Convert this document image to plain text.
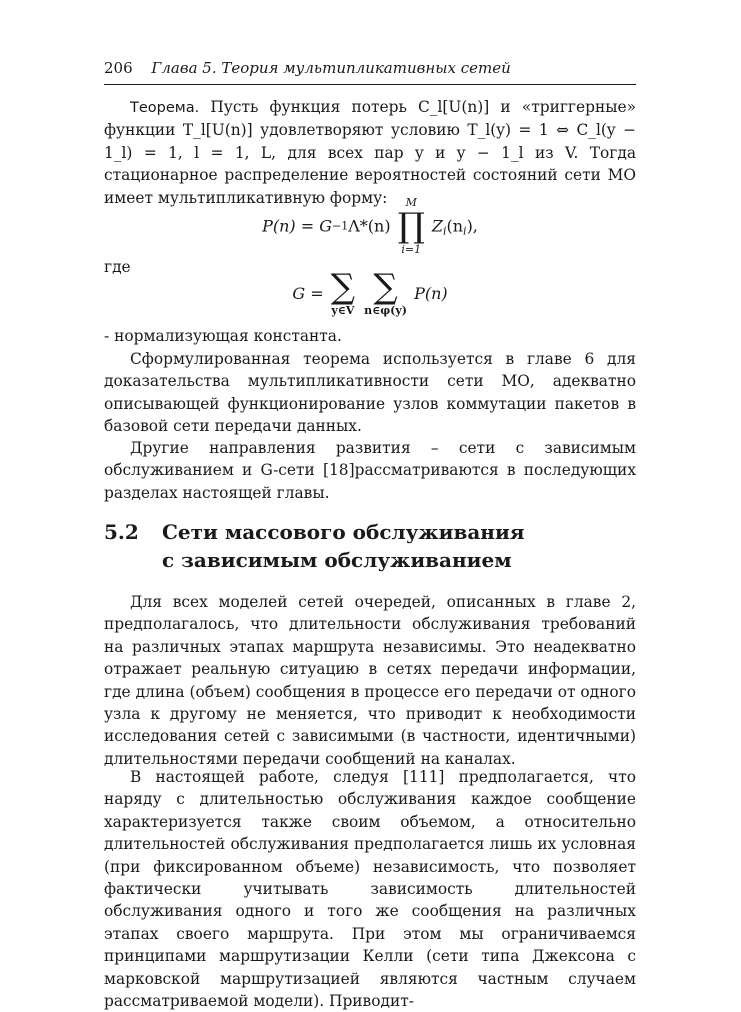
206 Глава 5. Теория мультипликативных сетей
Теорема. Пусть функция потерь C_l[U(n)] и «триггерные» функции T_l[U(n)] удовлетворяют условию T_l(y) = 1 ⇔ C_l(y − 1_l) = 1, l = 1, L, для всех пар y и y − 1_l из V. Тогда стационарное распределение вероятностей состояний сети МО имеет мультипликативную форму:
P(n) = G−1Λ*(n)
M
∏
i=1
$Z_i(n_i)$,
где
G = ∑
y∈V

∑
n∈φ(y)
P(n)
- нормализующая константа.
Сформулированная теорема используется в главе 6 для доказательства мультипликативности сети МО, адекватно описывающей функционирование узлов коммутации пакетов в базовой сети передачи данных.
Другие направления развития – сети с зависимым обслуживанием и G-сети [18]рассматриваются в последующих разделах настоящей главы.
5.2 Сети массового обслуживания
с зависимым обслуживанием
Для всех моделей сетей очередей, описанных в главе 2, предполагалось, что длительности обслуживания требований на различных этапах маршрута независимы. Это неадекватно отражает реальную ситуацию в сетях передачи информации, где длина (объем) сообщения в процессе его передачи от одного узла к другому не меняется, что приводит к необходимости исследования сетей с зависимыми (в частности, идентичными) длительностями передачи сообщений на каналах.
В настоящей работе, следуя [111] предполагается, что наряду с длительностью обслуживания каждое сообщение характеризуется также своим объемом, а относительно длительностей обслуживания предполагается лишь их условная (при фиксированном объеме) независимость, что позволяет фактически учитывать зависимость длительностей обслуживания одного и того же сообщения на различных этапах своего маршрута. При этом мы ограничиваемся принципами маршрутизации Келли (сети типа Джексона с марковской маршрутизацией являются частным случаем рассматриваемой модели). Приводит-
